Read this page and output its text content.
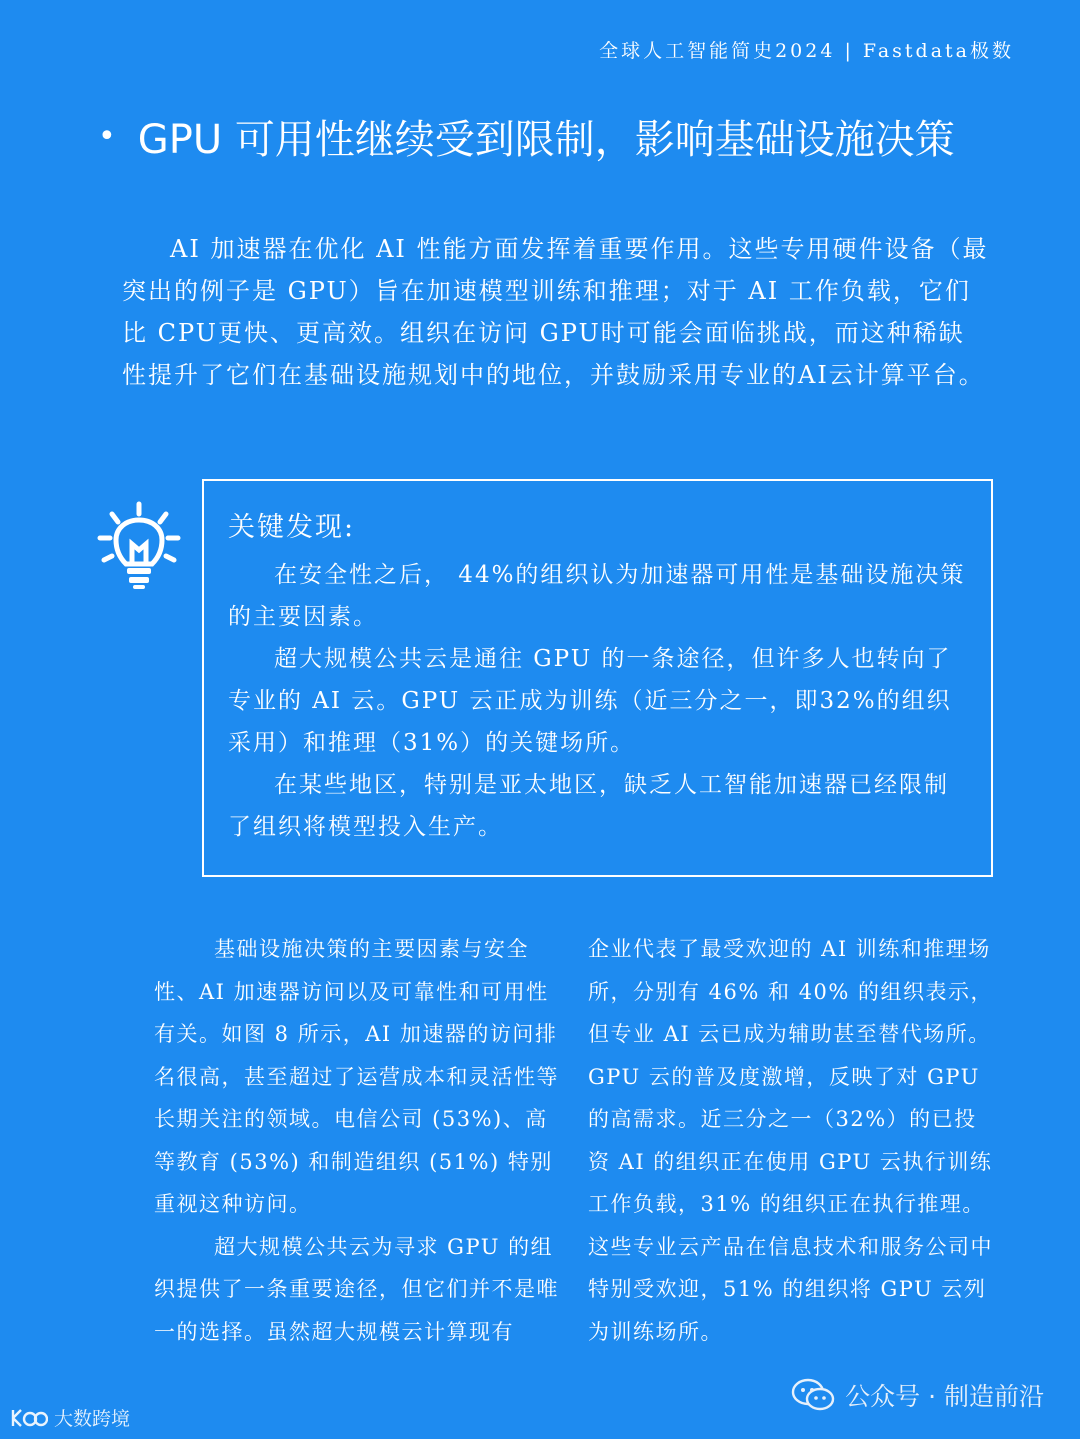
全球人工智能简史2024 | Fastdata极数
• GPU 可用性继续受到限制，影响基础设施决策

AI 加速器在优化 AI 性能方面发挥着重要作用。这些专用硬件设备（最突出的例子是 GPU）旨在加速模型训练和推理；对于 AI 工作负载，它们比 CPU更快、更高效。组织在访问 GPU时可能会面临挑战，而这种稀缺性提升了它们在基础设施规划中的地位，并鼓励采用专业的AI云计算平台。

关键发现:

在安全性之后， 44%的组织认为加速器可用性是基础设施决策的主要因素。

超大规模公共云是通往 GPU 的一条途径，但许多人也转向了专业的 AI 云。GPU 云正成为训练（近三分之一，即32%的组织采用）和推理（31%）的关键场所。

在某些地区，特别是亚太地区，缺乏人工智能加速器已经限制了组织将模型投入生产。

基础设施决策的主要因素与安全性、AI 加速器访问以及可靠性和可用性有关。如图 8 所示，AI 加速器的访问排名很高，甚至超过了运营成本和灵活性等长期关注的领域。电信公司 (53%)、高等教育 (53%) 和制造组织 (51%) 特别重视这种访问。

超大规模公共云为寻求 GPU 的组织提供了一条重要途径，但它们并不是唯一的选择。虽然超大规模云计算现有

企业代表了最受欢迎的 AI 训练和推理场所，分别有 46% 和 40% 的组织表示，但专业 AI 云已成为辅助甚至替代场所。GPU 云的普及度激增，反映了对 GPU 的高需求。近三分之一（32%）的已投资 AI 的组织正在使用 GPU 云执行训练工作负载，31% 的组织正在执行推理。这些专业云产品在信息技术和服务公司中特别受欢迎，51% 的组织将 GPU 云列为训练场所。

大数跨境
公众号 · 制造前沿
